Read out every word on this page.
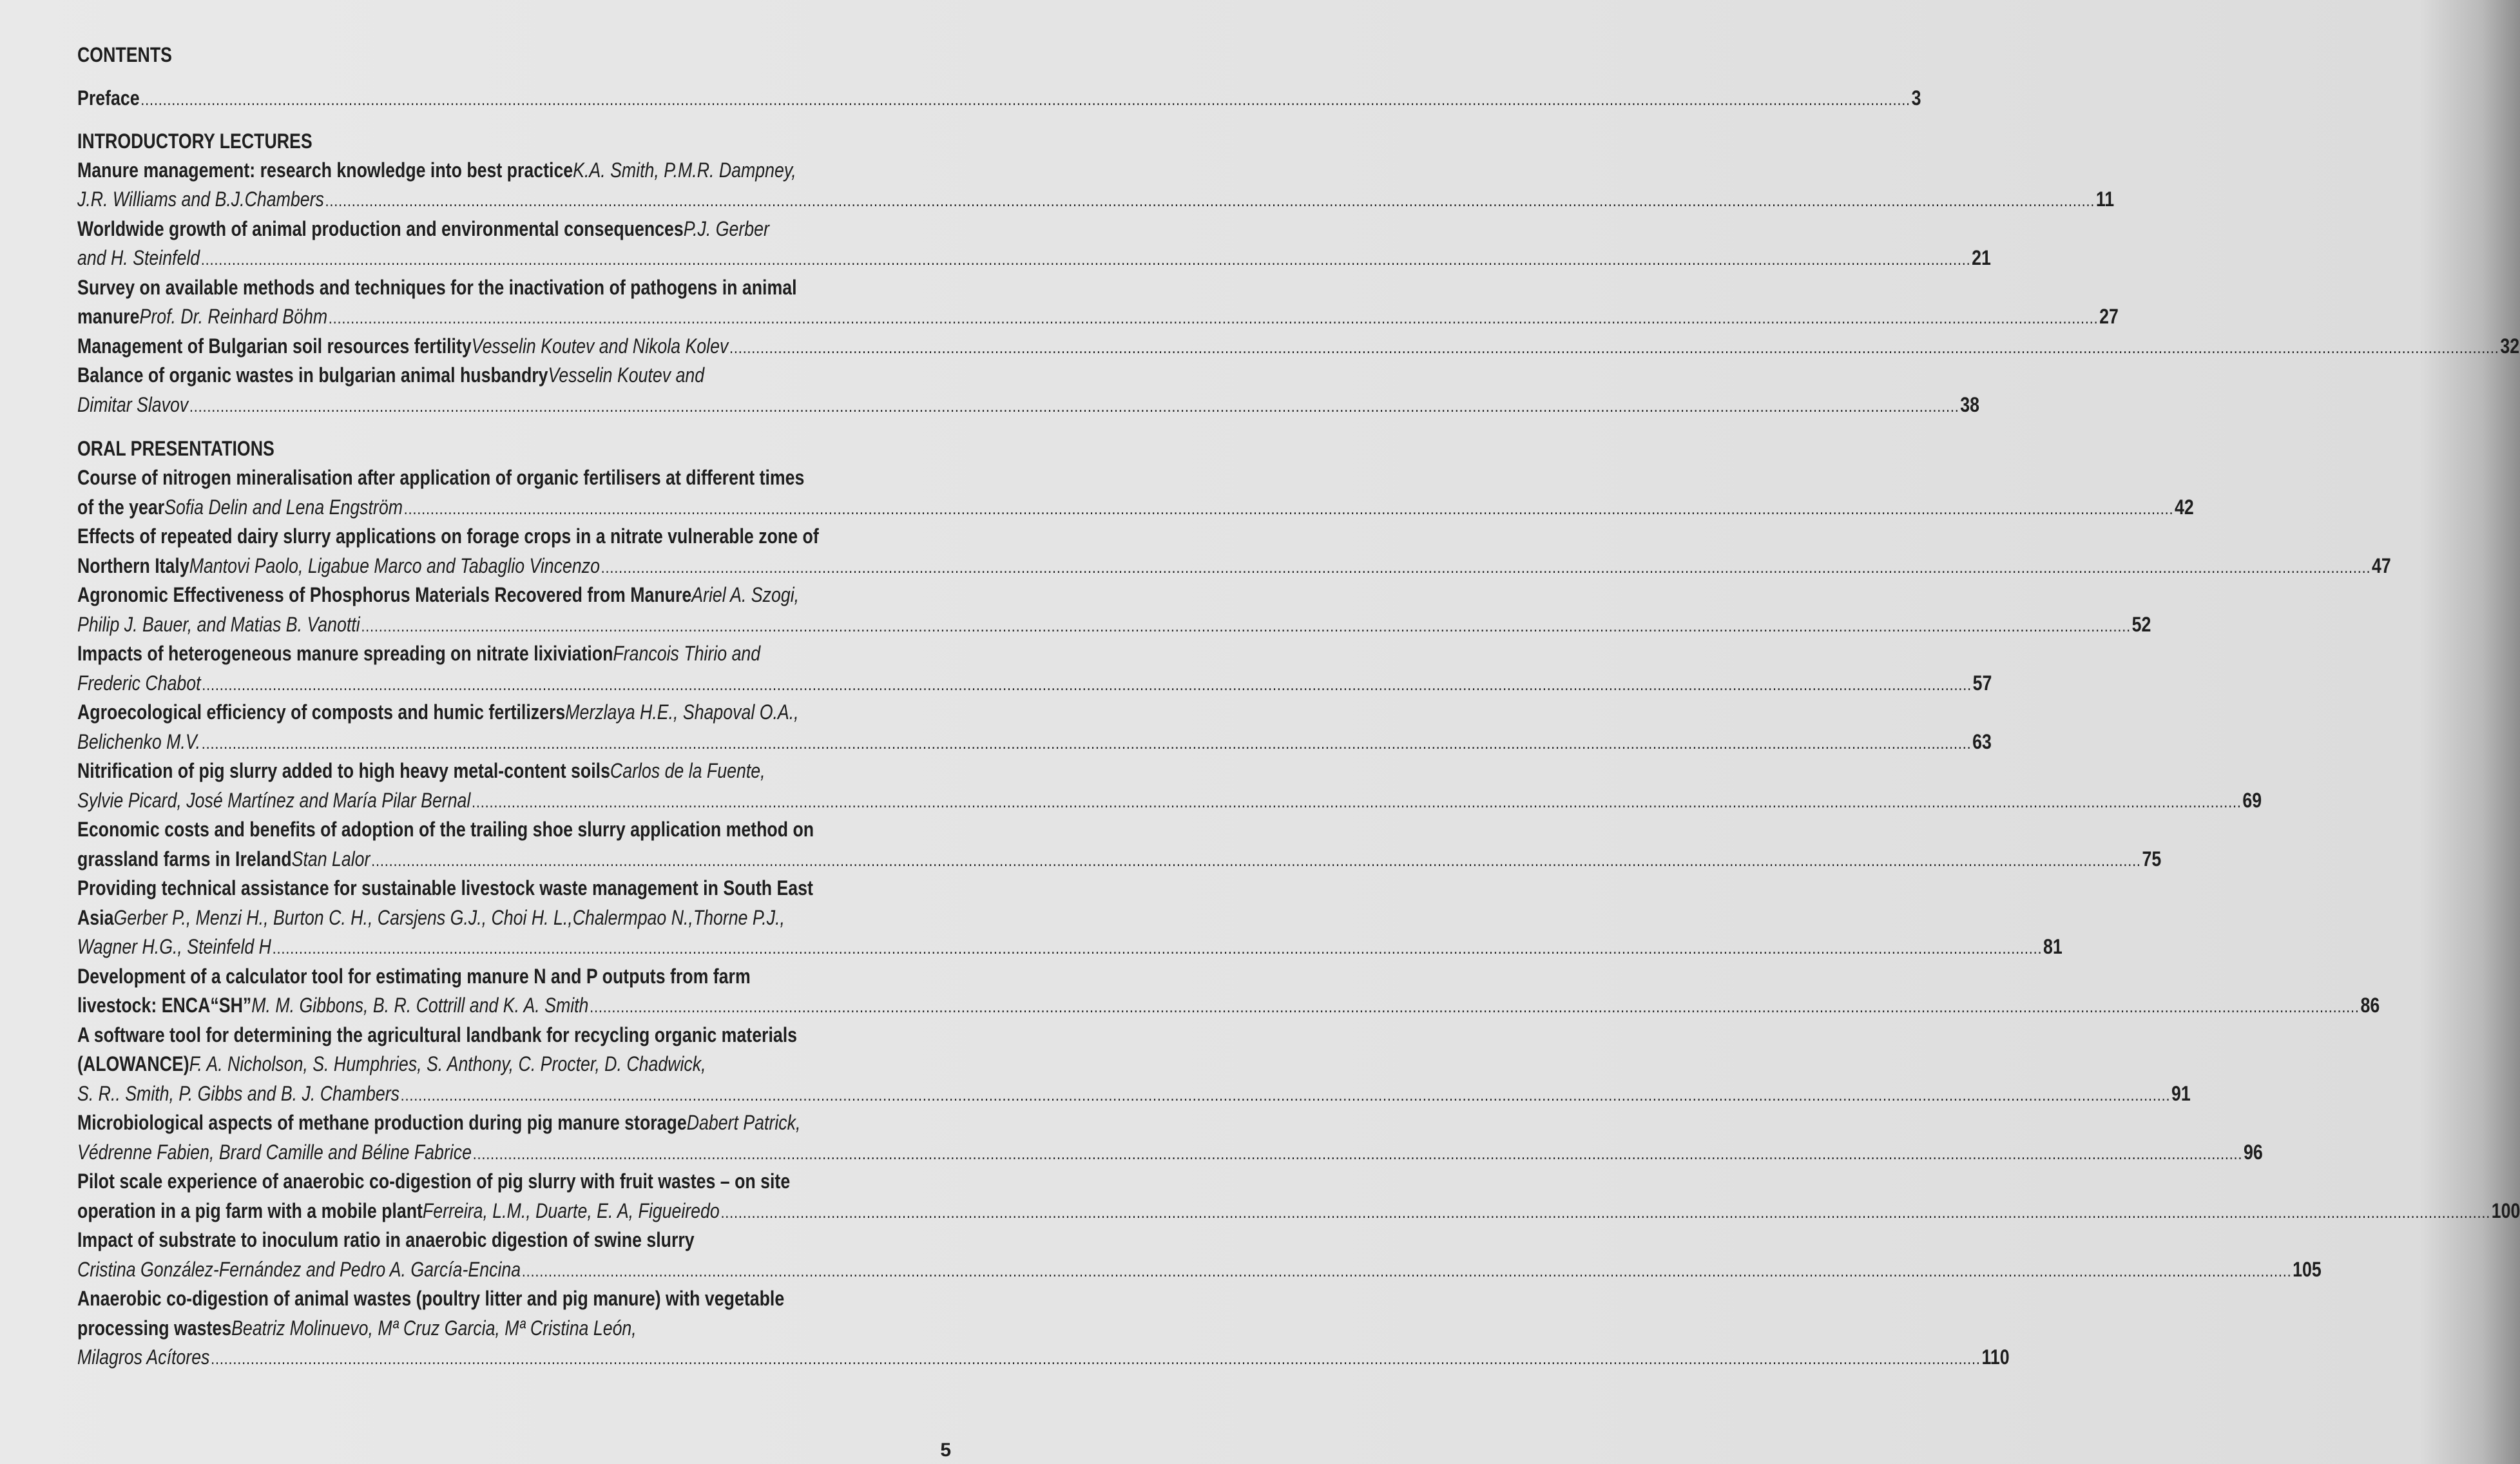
CONTENTS
Preface ................................................................................................................................................................................................................................................................................................................................................................................................................ 3
INTRODUCTORY LECTURES
Manure management: research knowledge into best practice K.A. Smith, P.M.R. Dampney,
J.R. Williams and B.J.Chambers ................................................................................................................................................................................................................................................................................................................................................................................................................ 11
Worldwide growth of animal production and environmental consequences P.J. Gerber
and H. Steinfeld ................................................................................................................................................................................................................................................................................................................................................................................................................ 21
Survey on available methods and techniques for the inactivation of pathogens in animal
manure Prof. Dr. Reinhard Böhm ................................................................................................................................................................................................................................................................................................................................................................................................................ 27
Management of Bulgarian soil resources fertility Vesselin Koutev and Nikola Kolev ................................................................................................................................................................................................................................................................................................................................................................................................................ 32
Balance of organic wastes in bulgarian animal husbandry Vesselin Koutev and
Dimitar Slavov ................................................................................................................................................................................................................................................................................................................................................................................................................ 38
ORAL PRESENTATIONS
Course of nitrogen mineralisation after application of organic fertilisers at different times
of the year Sofia Delin and Lena Engström ................................................................................................................................................................................................................................................................................................................................................................................................................ 42
Effects of repeated dairy slurry applications on forage crops in a nitrate vulnerable zone of
Northern Italy Mantovi Paolo, Ligabue Marco and Tabaglio Vincenzo ................................................................................................................................................................................................................................................................................................................................................................................................................ 47
Agronomic Effectiveness of Phosphorus Materials Recovered from Manure Ariel A. Szogi,
Philip J. Bauer, and Matias B. Vanotti ................................................................................................................................................................................................................................................................................................................................................................................................................ 52
Impacts of heterogeneous manure spreading on nitrate lixiviation Francois Thirio and
Frederic Chabot ................................................................................................................................................................................................................................................................................................................................................................................................................ 57
Agroecological efficiency of composts and humic fertilizers Merzlaya H.E., Shapoval O.A.,
Belichenko M.V. ................................................................................................................................................................................................................................................................................................................................................................................................................ 63
Nitrification of pig slurry added to high heavy metal-content soils Carlos de la Fuente,
Sylvie Picard, José Martínez and María Pilar Bernal ................................................................................................................................................................................................................................................................................................................................................................................................................ 69
Economic costs and benefits of adoption of the trailing shoe slurry application method on
grassland farms in Ireland Stan Lalor ................................................................................................................................................................................................................................................................................................................................................................................................................ 75
Providing technical assistance for sustainable livestock waste management in South East
Asia Gerber P., Menzi H., Burton C. H., Carsjens G.J., Choi H. L.,Chalermpao N.,Thorne P.J.,
Wagner H.G., Steinfeld H ................................................................................................................................................................................................................................................................................................................................................................................................................ 81
Development of a calculator tool for estimating manure N and P outputs from farm
livestock: ENCA“SH” M. M. Gibbons, B. R. Cottrill and K. A. Smith ................................................................................................................................................................................................................................................................................................................................................................................................................ 86
A software tool for determining the agricultural landbank for recycling organic materials
(ALOWANCE) F. A. Nicholson, S. Humphries, S. Anthony, C. Procter, D. Chadwick,
S. R.. Smith, P. Gibbs and B. J. Chambers ................................................................................................................................................................................................................................................................................................................................................................................................................ 91
Microbiological aspects of methane production during pig manure storage Dabert Patrick,
Védrenne Fabien, Brard Camille and Béline Fabrice ................................................................................................................................................................................................................................................................................................................................................................................................................ 96
Pilot scale experience of anaerobic co-digestion of pig slurry with fruit wastes – on site
operation in a pig farm with a mobile plant Ferreira, L.M., Duarte, E. A, Figueiredo ................................................................................................................................................................................................................................................................................................................................................................................................................ 100
Impact of substrate to inoculum ratio in anaerobic digestion of swine slurry
Cristina González-Fernández and Pedro A. García-Encina ................................................................................................................................................................................................................................................................................................................................................................................................................ 105
Anaerobic co-digestion of animal wastes (poultry litter and pig manure) with vegetable
processing wastes Beatriz Molinuevo, Mª Cruz Garcia, Mª Cristina León,
Milagros Acítores ................................................................................................................................................................................................................................................................................................................................................................................................................ 110
5
